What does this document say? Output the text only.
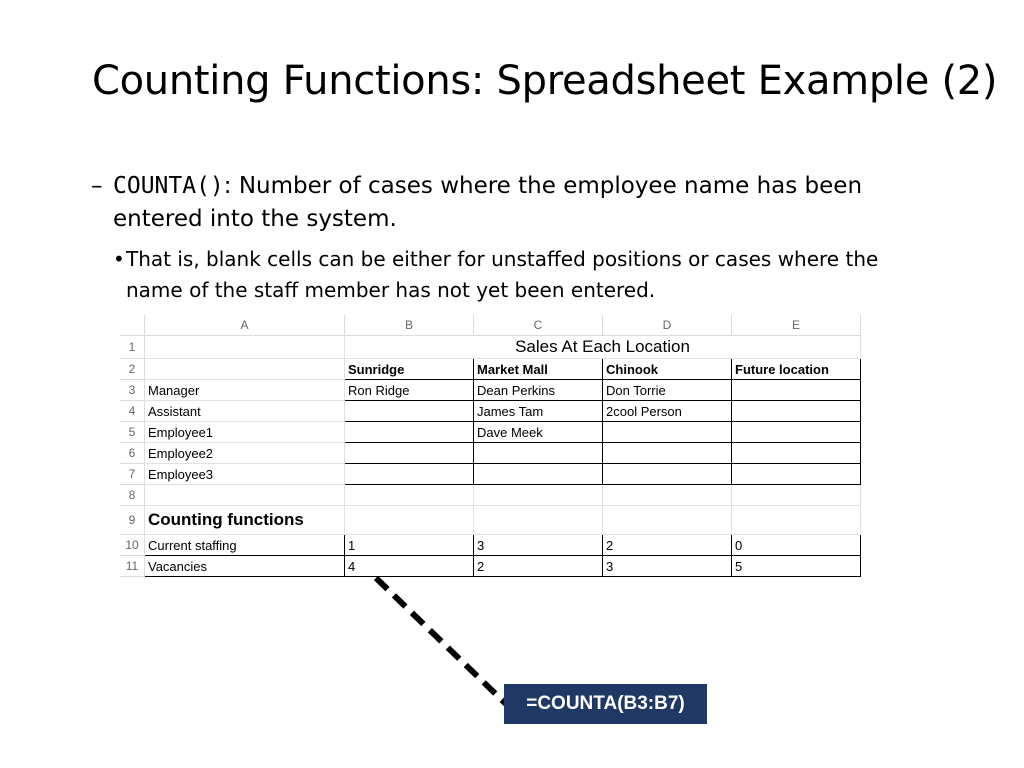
Counting Functions: Spreadsheet Example (2)
– COUNTA(): Number of cases where the employee name has been entered into the system.
• That is, blank cells can be either for unstaffed positions or cases where the name of the staff member has not yet been entered.
	A	B	C	D	E
1		Sales At Each Location			
2		Sunridge	Market Mall	Chinook	Future location
3	Manager	Ron Ridge	Dean Perkins	Don Torrie	
4	Assistant		James Tam	2cool Person	
5	Employee1		Dave Meek		
6	Employee2				
7	Employee3				
8					
9	Counting functions				
10	Current staffing	1	3	2	0
11	Vacancies	4	2	3	5
=COUNTA(B3:B7)
